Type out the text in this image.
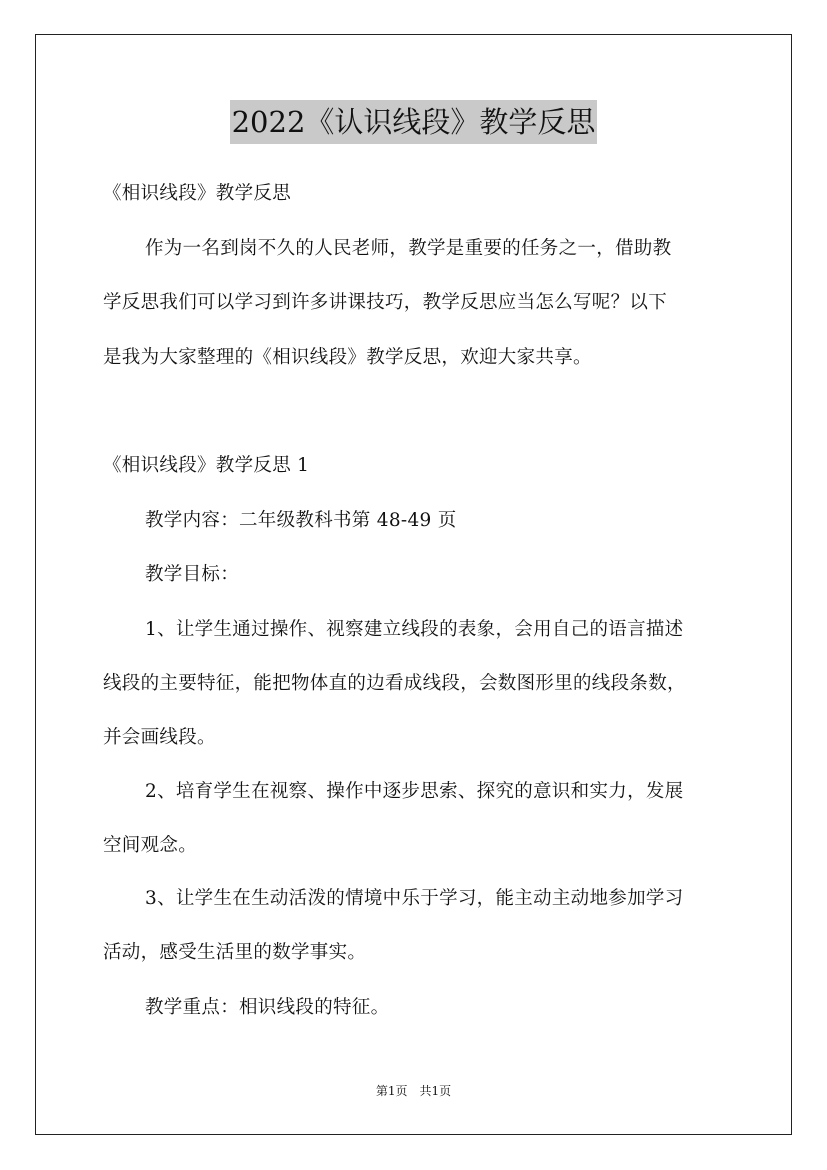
2022《认识线段》教学反思
《相识线段》教学反思
作为一名到岗不久的人民老师，教学是重要的任务之一，借助教
学反思我们可以学习到许多讲课技巧，教学反思应当怎么写呢？以下
是我为大家整理的《相识线段》教学反思，欢迎大家共享。
《相识线段》教学反思 1
教学内容：二年级教科书第 48-49 页
教学目标：
1、让学生通过操作、视察建立线段的表象，会用自己的语言描述
线段的主要特征，能把物体直的边看成线段，会数图形里的线段条数，
并会画线段。
2、培育学生在视察、操作中逐步思索、探究的意识和实力，发展
空间观念。
3、让学生在生动活泼的情境中乐于学习，能主动主动地参加学习
活动，感受生活里的数学事实。
教学重点：相识线段的特征。
第1页　共1页
